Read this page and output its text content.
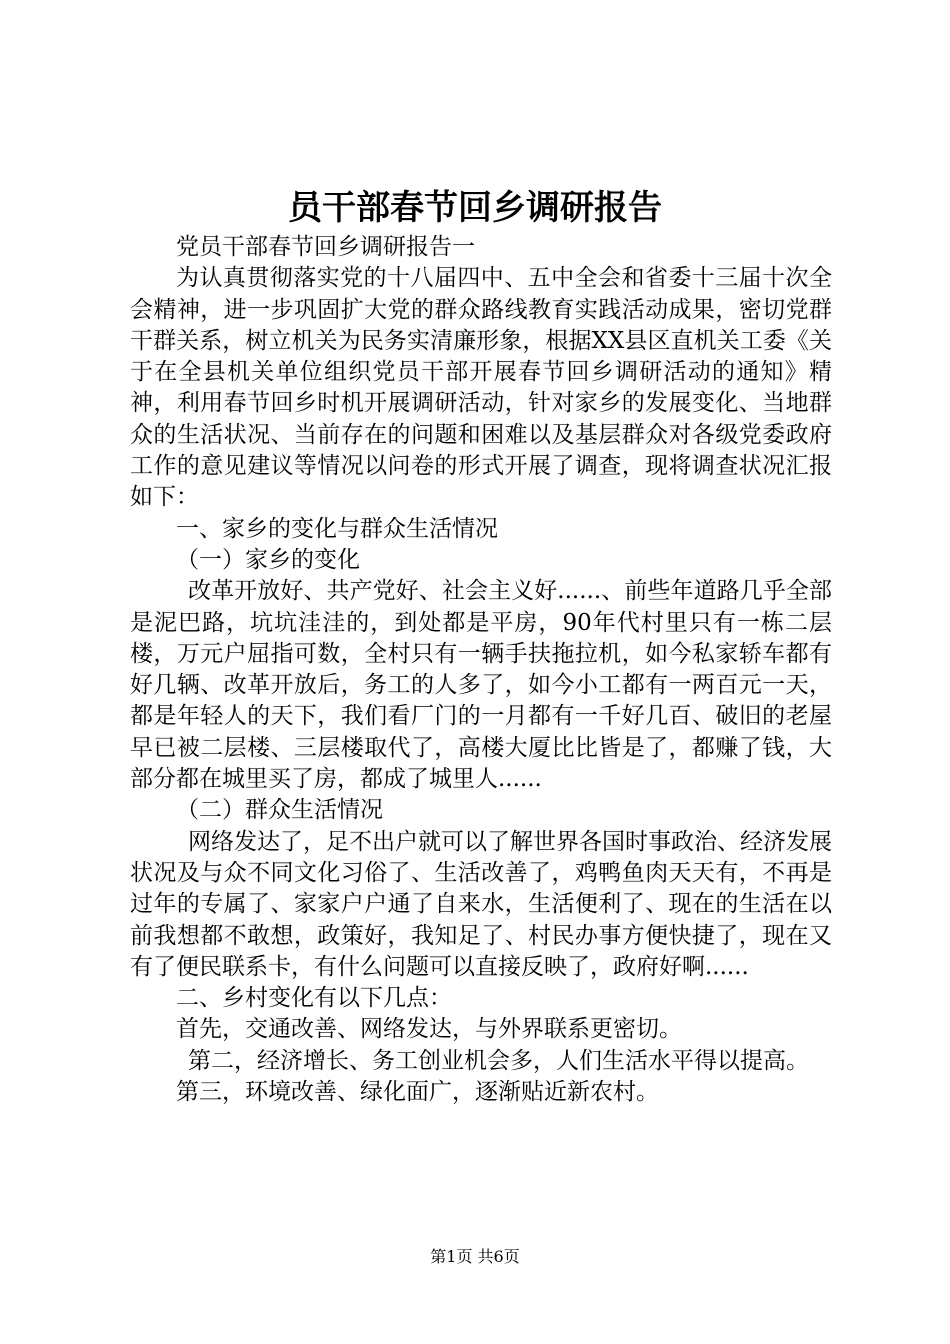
员干部春节回乡调研报告

党员干部春节回乡调研报告一

为认真贯彻落实党的十八届四中、五中全会和省委十三届十次全会精神，进一步巩固扩大党的群众路线教育实践活动成果，密切党群干群关系，树立机关为民务实清廉形象，根据XX县区直机关工委《关于在全县机关单位组织党员干部开展春节回乡调研活动的通知》精神，利用春节回乡时机开展调研活动，针对家乡的发展变化、当地群众的生活状况、当前存在的问题和困难以及基层群众对各级党委政府工作的意见建议等情况以问卷的形式开展了调查，现将调查状况汇报如下：

一、家乡的变化与群众生活情况

（一）家乡的变化

改革开放好、共产党好、社会主义好......、前些年道路几乎全部是泥巴路，坑坑洼洼的，到处都是平房，90年代村里只有一栋二层楼，万元户屈指可数，全村只有一辆手扶拖拉机，如今私家轿车都有好几辆、改革开放后，务工的人多了，如今小工都有一两百元一天，都是年轻人的天下，我们看厂门的一月都有一千好几百、破旧的老屋早已被二层楼、三层楼取代了，高楼大厦比比皆是了，都赚了钱，大部分都在城里买了房，都成了城里人......

（二）群众生活情况

网络发达了，足不出户就可以了解世界各国时事政治、经济发展状况及与众不同文化习俗了、生活改善了，鸡鸭鱼肉天天有，不再是过年的专属了、家家户户通了自来水，生活便利了、现在的生活在以前我想都不敢想，政策好，我知足了、村民办事方便快捷了，现在又有了便民联系卡，有什么问题可以直接反映了，政府好啊......

二、乡村变化有以下几点：

首先，交通改善、网络发达，与外界联系更密切。

第二，经济增长、务工创业机会多，人们生活水平得以提高。

第三，环境改善、绿化面广，逐渐贴近新农村。

第1页 共6页
